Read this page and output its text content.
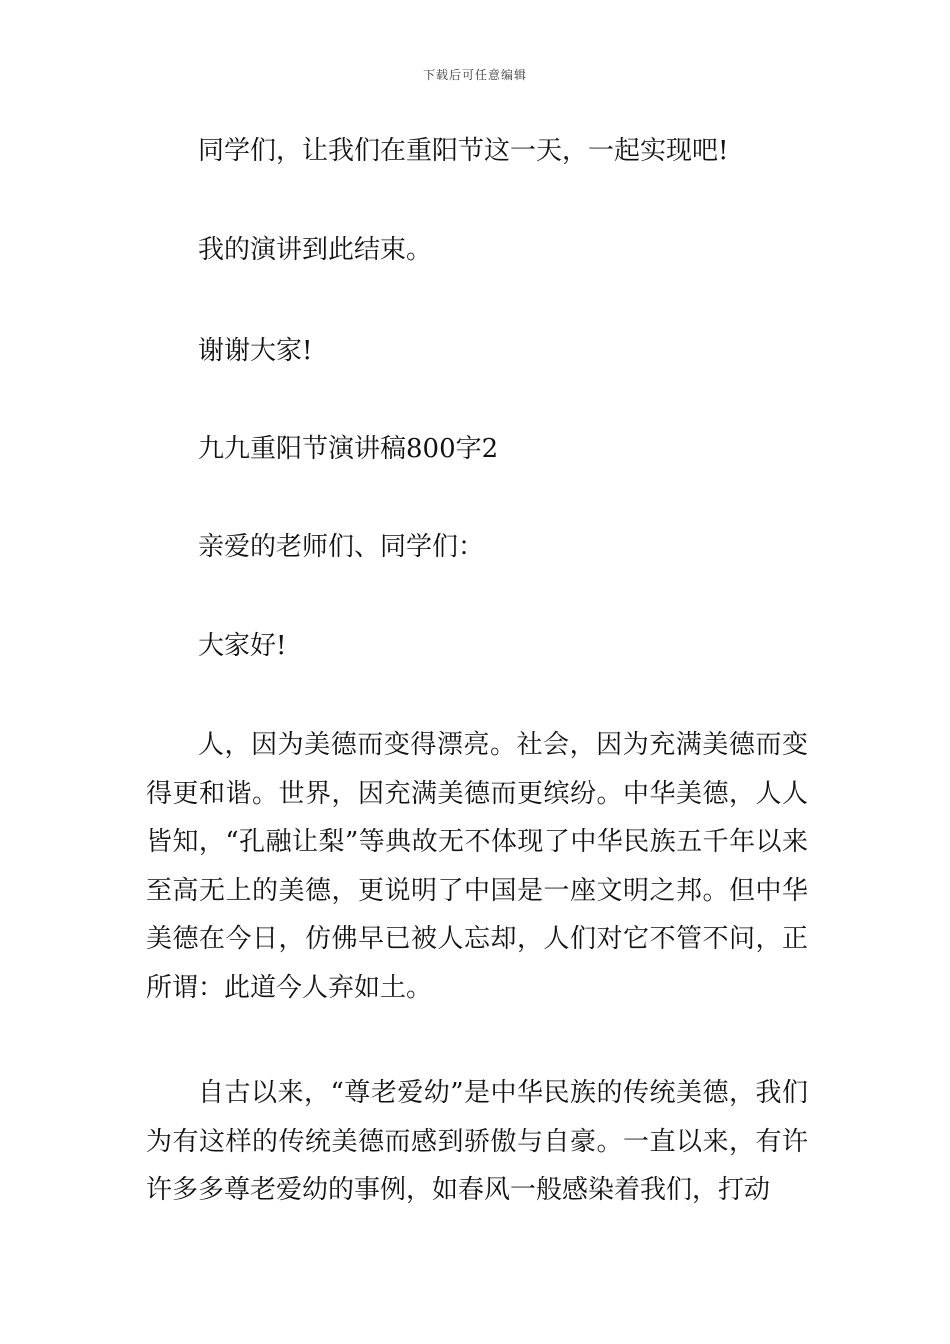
下载后可任意编辑

同学们，让我们在重阳节这一天，一起实现吧!

我的演讲到此结束。

谢谢大家!

九九重阳节演讲稿800字2

亲爱的老师们、同学们：

大家好!

人，因为美德而变得漂亮。社会，因为充满美德而变得更和谐。世界，因充满美德而更缤纷。中华美德，人人皆知，“孔融让梨”等典故无不体现了中华民族五千年以来至高无上的美德，更说明了中国是一座文明之邦。但中华美德在今日，仿佛早已被人忘却，人们对它不管不问，正所谓：此道今人弃如土。

自古以来，“尊老爱幼”是中华民族的传统美德，我们为有这样的传统美德而感到骄傲与自豪。一直以来，有许许多多尊老爱幼的事例，如春风一般感染着我们，打动
